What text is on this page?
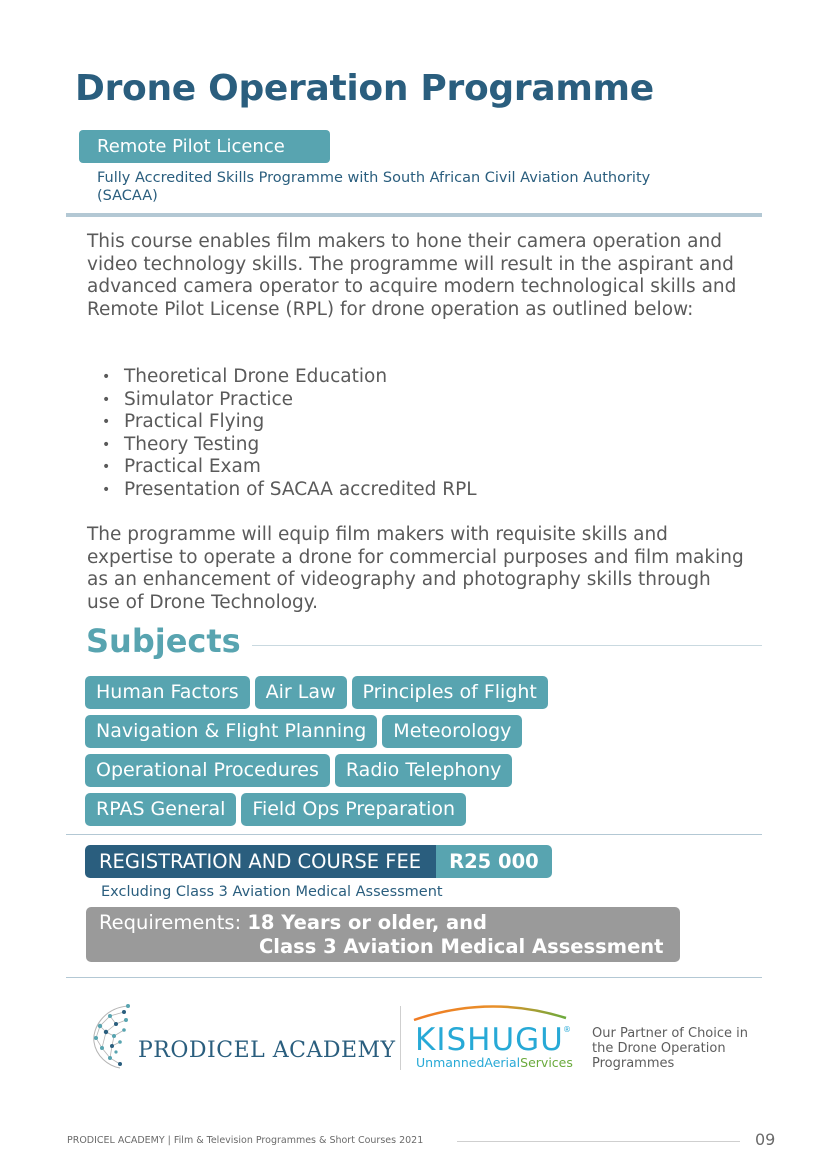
Drone Operation Programme
Remote Pilot Licence
Fully Accredited Skills Programme with South African Civil Aviation Authority (SACAA)

This course enables film makers to hone their camera operation and video technology skills. The programme will result in the aspirant and advanced camera operator to acquire modern technological skills and Remote Pilot License (RPL) for drone operation as outlined below:

• Theoretical Drone Education
• Simulator Practice
• Practical Flying
• Theory Testing
• Practical Exam
• Presentation of SACAA accredited RPL

The programme will equip film makers with requisite skills and expertise to operate a drone for commercial purposes and film making as an enhancement of videography and photography skills through use of Drone Technology.

Subjects
Human Factors	Air Law	Principles of Flight
Navigation & Flight Planning	Meteorology
Operational Procedures	Radio Telephony
RPAS General	Field Ops Preparation
REGISTRATION AND COURSE FEE	R25 000
Excluding Class 3 Aviation Medical Assessment
Requirements: 18 Years or older, and
Class 3 Aviation Medical Assessment
PRODICEL ACADEMY KISHUGU ®
UnmannedAerialServices
Our Partner of Choice in the Drone Operation Programmes
PRODICEL ACADEMY | Film & Television Programmes & Short Courses 2021	09
